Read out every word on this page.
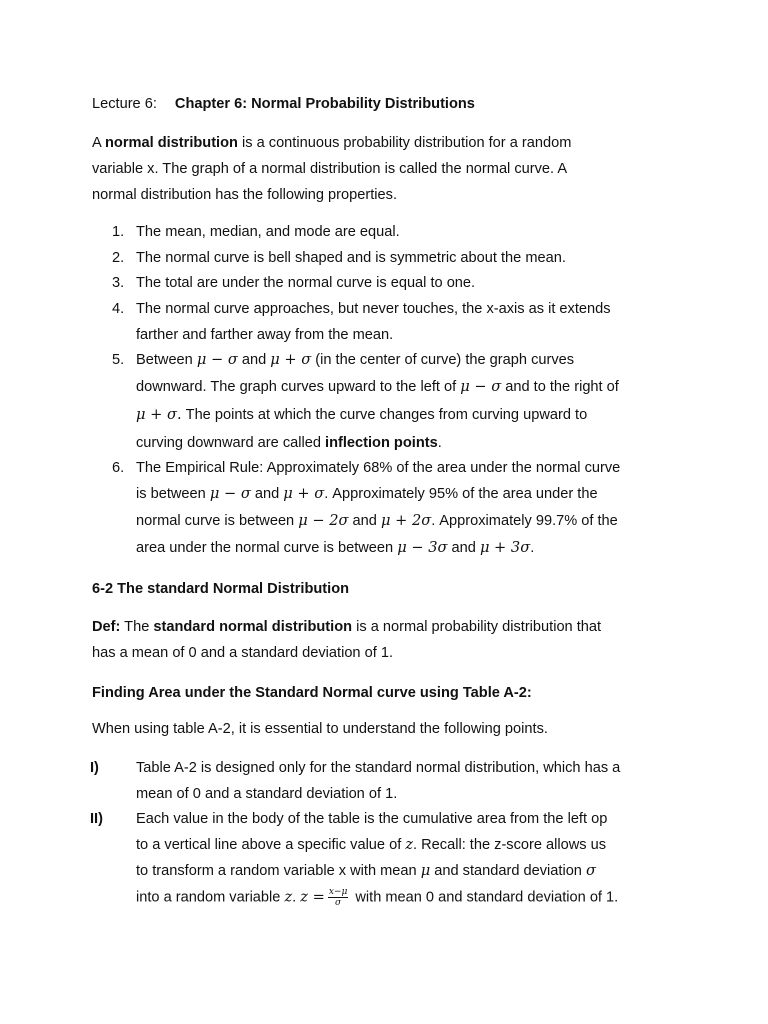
Lecture 6: Chapter 6: Normal Probability Distributions
A normal distribution is a continuous probability distribution for a random
variable x. The graph of a normal distribution is called the normal curve. A
normal distribution has the following properties.
1. The mean, median, and mode are equal.
2. The normal curve is bell shaped and is symmetric about the mean.
3. The total are under the normal curve is equal to one.
4. The normal curve approaches, but never touches, the x-axis as it extends
farther and farther away from the mean.
5. Between μ − σ and μ + σ (in the center of curve) the graph curves
downward. The graph curves upward to the left of μ − σ and to the right of
μ + σ. The points at which the curve changes from curving upward to
curving downward are called inflection points.
6. The Empirical Rule: Approximately 68% of the area under the normal curve
is between μ − σ and μ + σ. Approximately 95% of the area under the
normal curve is between μ − 2σ and μ + 2σ. Approximately 99.7% of the
area under the normal curve is between μ − 3σ and μ + 3σ.
6-2 The standard Normal Distribution
Def: The standard normal distribution is a normal probability distribution that
has a mean of 0 and a standard deviation of 1.
Finding Area under the Standard Normal curve using Table A-2:
When using table A-2, it is essential to understand the following points.
I)	Table A-2 is designed only for the standard normal distribution, which has a
mean of 0 and a standard deviation of 1.
II) Each value in the body of the table is the cumulative area from the left op
to a vertical line above a specific value of z. Recall: the z-score allows us
to transform a random variable x with mean μ and standard deviation σ
into a random variable z. $z = \frac{x-\mu}{\sigma}$ with mean 0 and standard deviation of 1.
